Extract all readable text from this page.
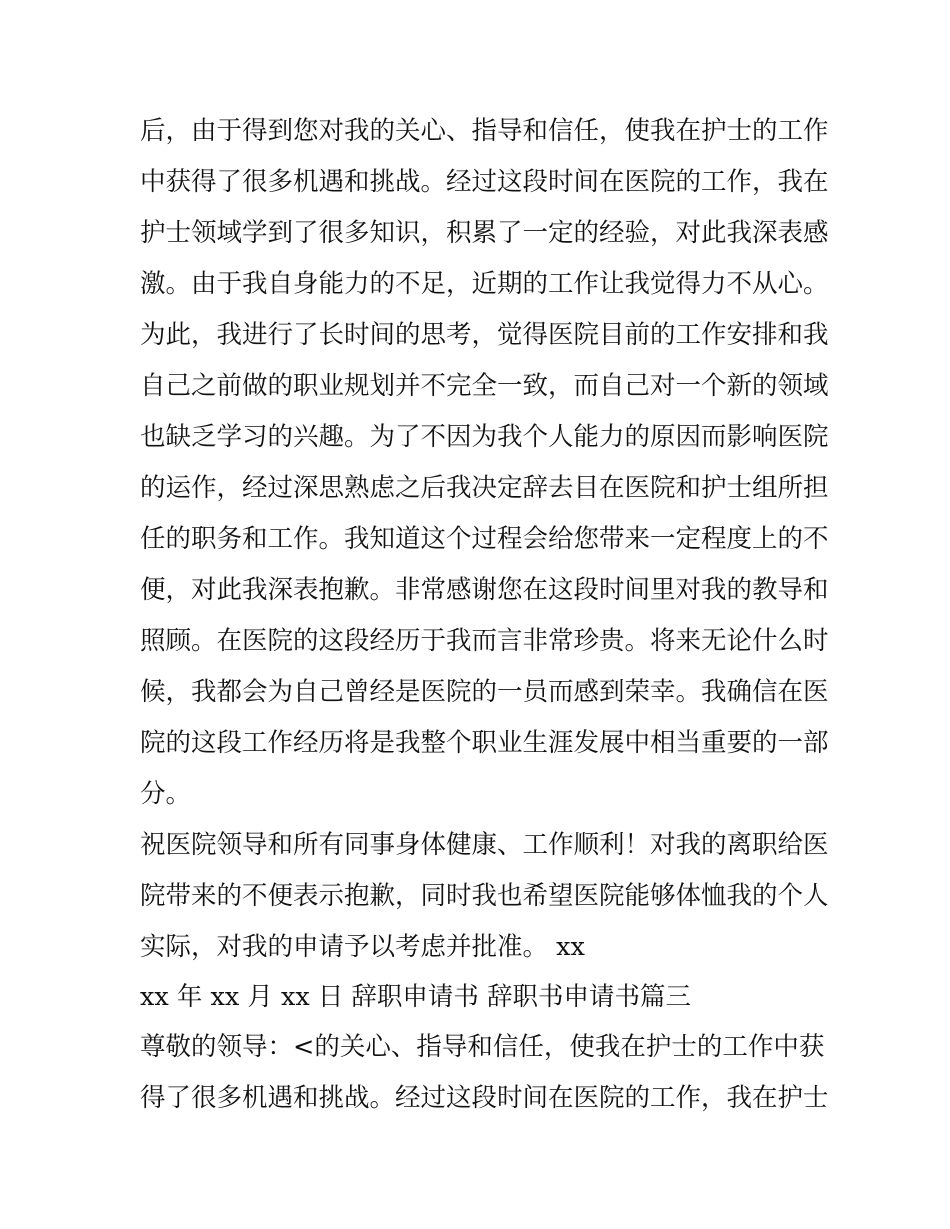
后，由于得到您对我的关心、指导和信任，使我在护士的工作
中获得了很多机遇和挑战。经过这段时间在医院的工作，我在
护士领域学到了很多知识，积累了一定的经验，对此我深表感
激。由于我自身能力的不足，近期的工作让我觉得力不从心。
为此，我进行了长时间的思考，觉得医院目前的工作安排和我
自己之前做的职业规划并不完全一致，而自己对一个新的领域
也缺乏学习的兴趣。为了不因为我个人能力的原因而影响医院
的运作，经过深思熟虑之后我决定辞去目在医院和护士组所担
任的职务和工作。我知道这个过程会给您带来一定程度上的不
便，对此我深表抱歉。非常感谢您在这段时间里对我的教导和
照顾。在医院的这段经历于我而言非常珍贵。将来无论什么时
候，我都会为自己曾经是医院的一员而感到荣幸。我确信在医
院的这段工作经历将是我整个职业生涯发展中相当重要的一部
分。
祝医院领导和所有同事身体健康、工作顺利！对我的离职给医
院带来的不便表示抱歉，同时我也希望医院能够体恤我的个人
实际，对我的申请予以考虑并批准。 xx
xx 年 xx 月 xx 日 辞职申请书 辞职书申请书篇三
尊敬的领导：<的关心、指导和信任，使我在护士的工作中获
得了很多机遇和挑战。经过这段时间在医院的工作，我在护士
